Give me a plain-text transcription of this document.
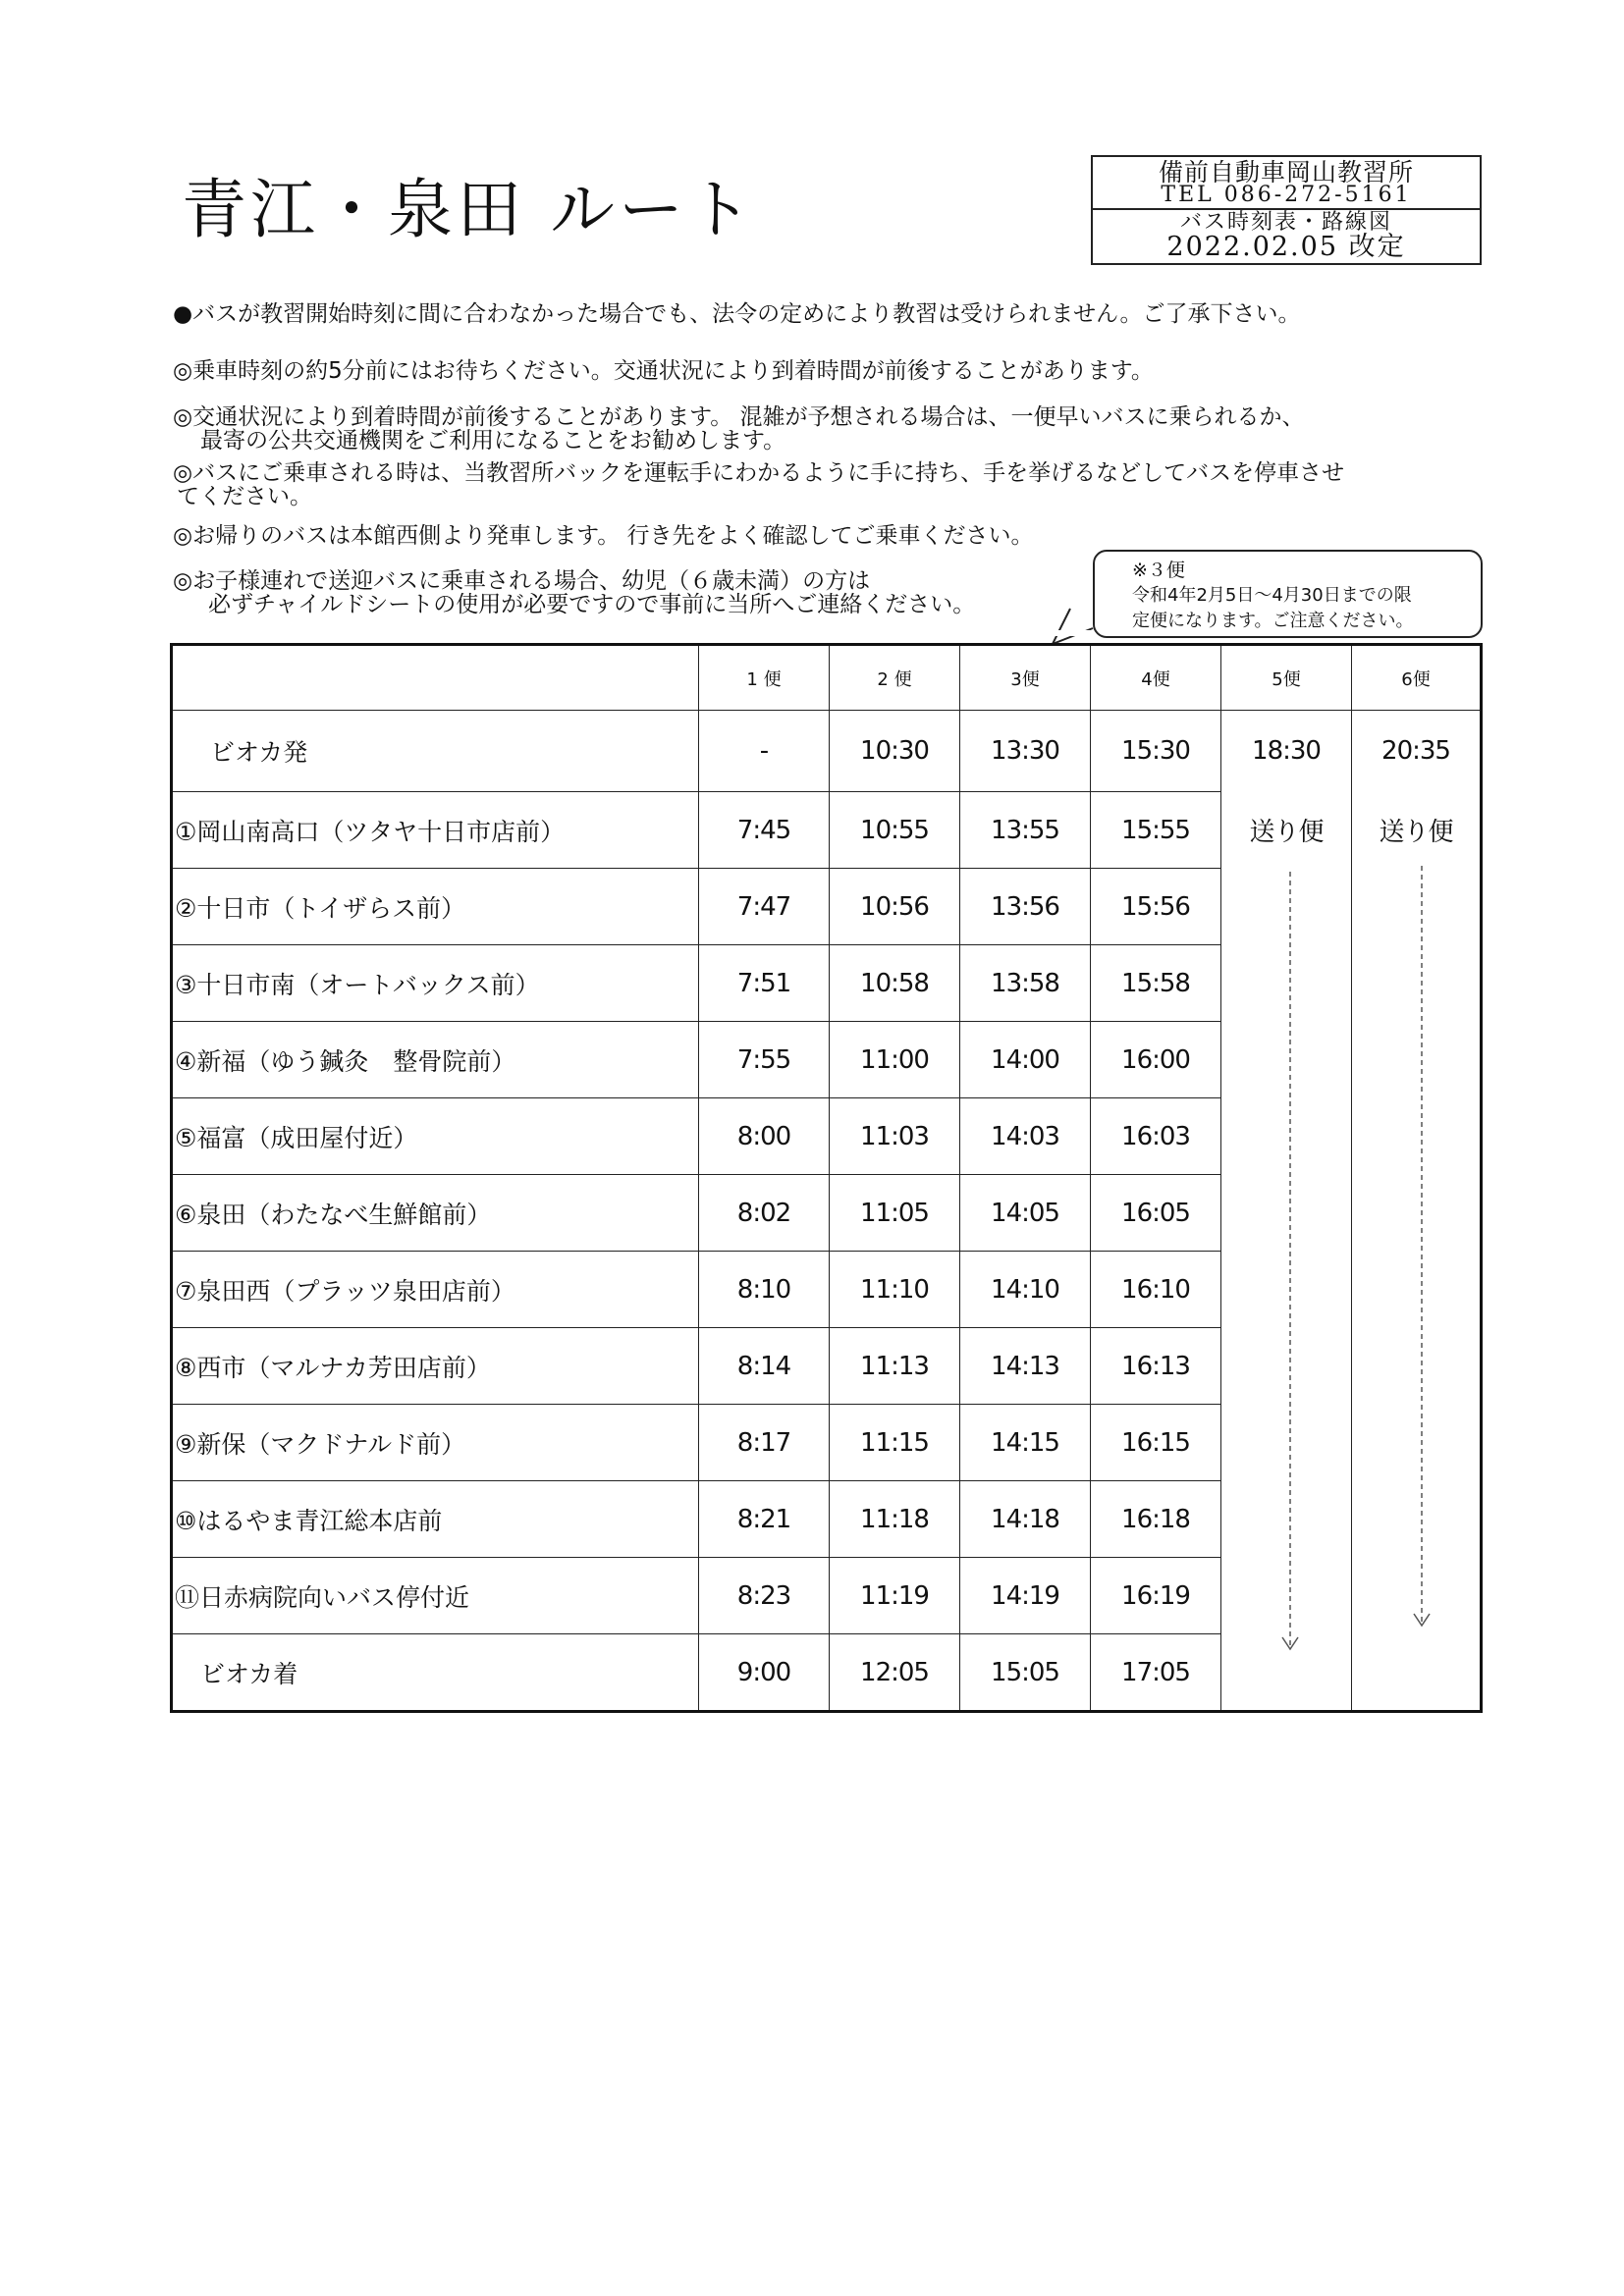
青江・泉田 ルート	備前自動車岡山教習所
TEL 086-272-5161
バス時刻表・路線図
2022.02.05 改定
●バスが教習開始時刻に間に合わなかった場合でも、法令の定めにより教習は受けられません。ご了承下さい。
◎乗車時刻の約5分前にはお待ちください。交通状況により到着時間が前後することがあります。
◎交通状況により到着時間が前後することがあります。 混雑が予想される場合は、一便早いバスに乗られるか、
最寄の公共交通機関をご利用になることをお勧めします。
◎バスにご乗車される時は、当教習所バックを運転手にわかるように手に持ち、手を挙げるなどしてバスを停車させ
てください。
◎お帰りのバスは本館西側より発車します。 行き先をよく確認してご乗車ください。
◎お子様連れで送迎バスに乗車される場合、幼児（６歳未満）の方は
必ずチャイルドシートの使用が必要ですので事前に当所へご連絡ください。
※３便
令和4年2月5日～4月30日までの限
定便になります。ご注意ください。
	1 便	2 便	3便	4便	5便	6便
ビオカ発	-	10:30	13:30	15:30	18:30	20:35
①岡山南高口（ツタヤ十日市店前）	7:45	10:55	13:55	15:55	送り便	送り便
②十日市（トイザらス前）	7:47	10:56	13:56	15:56		
③十日市南（オートバックス前）	7:51	10:58	13:58	15:58		
④新福（ゆう鍼灸　整骨院前）	7:55	11:00	14:00	16:00		
⑤福富（成田屋付近）	8:00	11:03	14:03	16:03		
⑥泉田（わたなべ生鮮館前）	8:02	11:05	14:05	16:05		
⑦泉田西（プラッツ泉田店前）	8:10	11:10	14:10	16:10		
⑧西市（マルナカ芳田店前）	8:14	11:13	14:13	16:13		
⑨新保（マクドナルド前）	8:17	11:15	14:15	16:15		
⑩はるやま青江総本店前	8:21	11:18	14:18	16:18		
⑪日赤病院向いバス停付近	8:23	11:19	14:19	16:19		
ビオカ着	9:00	12:05	15:05	17:05		
